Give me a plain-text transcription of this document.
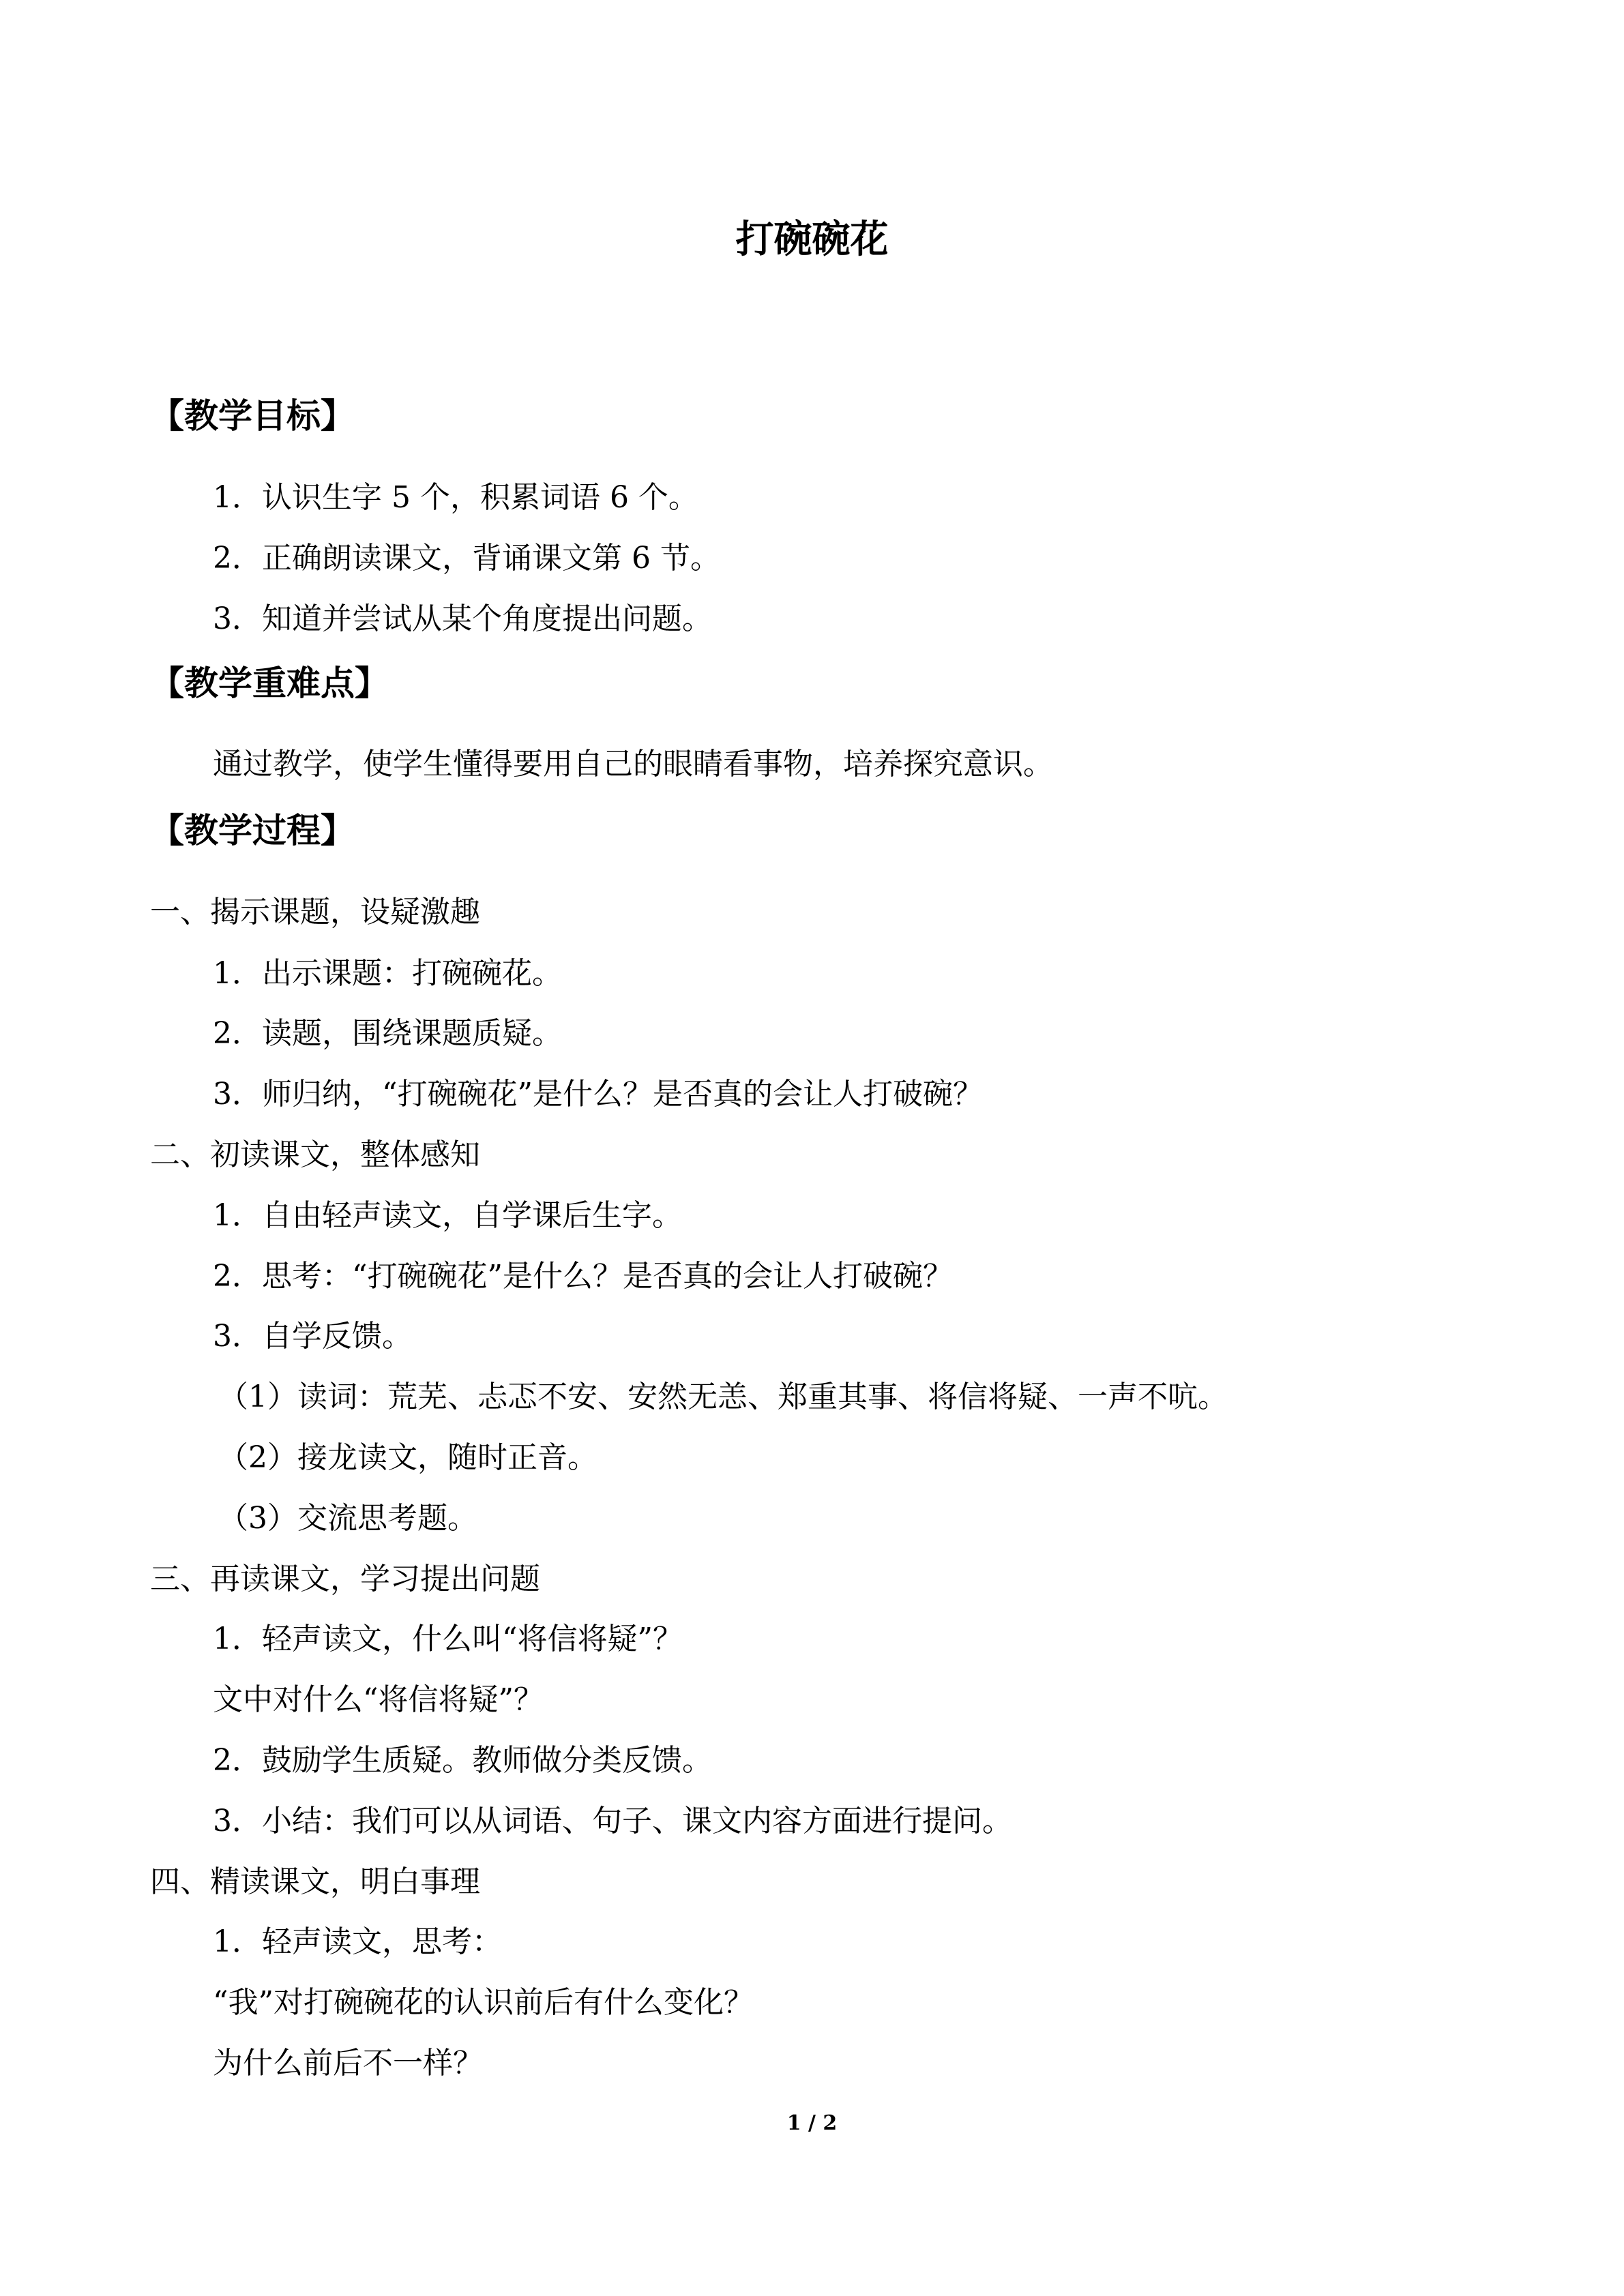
打碗碗花
【教学目标】
1．认识生字 5 个，积累词语 6 个。
2．正确朗读课文，背诵课文第 6 节。
3．知道并尝试从某个角度提出问题。
【教学重难点】
通过教学，使学生懂得要用自己的眼睛看事物，培养探究意识。
【教学过程】
一、揭示课题，设疑激趣
1．出示课题：打碗碗花。
2．读题，围绕课题质疑。
3．师归纳，“打碗碗花”是什么？是否真的会让人打破碗？
二、初读课文，整体感知
1．自由轻声读文，自学课后生字。
2．思考：“打碗碗花”是什么？是否真的会让人打破碗？
3．自学反馈。
（1）读词：荒芜、忐忑不安、安然无恙、郑重其事、将信将疑、一声不吭。
（2）接龙读文，随时正音。
（3）交流思考题。
三、再读课文，学习提出问题
1．轻声读文，什么叫“将信将疑”？
文中对什么“将信将疑”？
2．鼓励学生质疑。教师做分类反馈。
3．小结：我们可以从词语、句子、课文内容方面进行提问。
四、精读课文，明白事理
1．轻声读文，思考：
“我”对打碗碗花的认识前后有什么变化？
为什么前后不一样？
1 / 2
